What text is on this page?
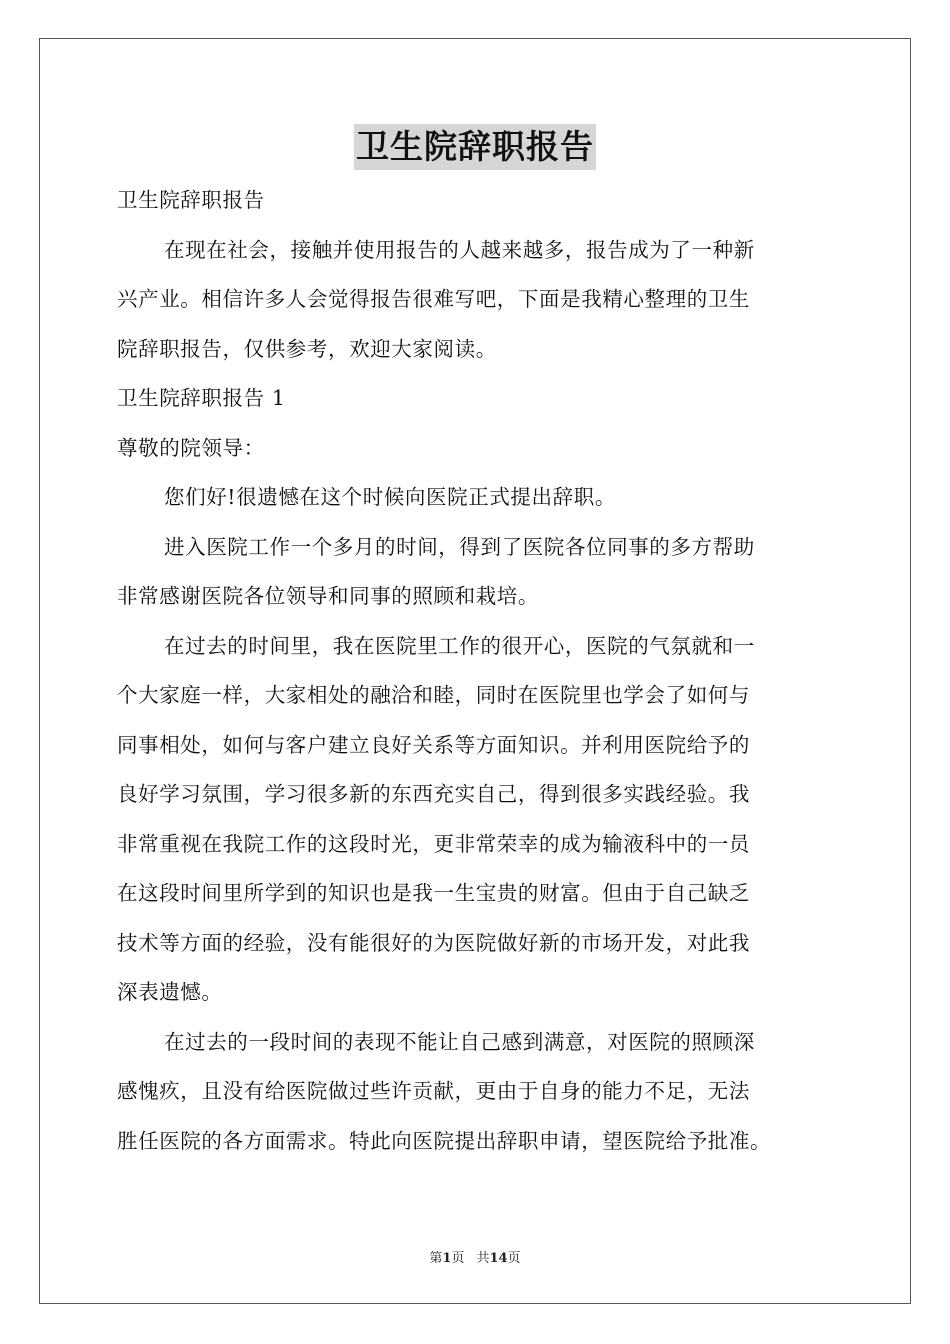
卫生院辞职报告
卫生院辞职报告
在现在社会，接触并使用报告的人越来越多，报告成为了一种新
兴产业。相信许多人会觉得报告很难写吧，下面是我精心整理的卫生
院辞职报告，仅供参考，欢迎大家阅读。
卫生院辞职报告 1
尊敬的院领导：
您们好!很遗憾在这个时候向医院正式提出辞职。
进入医院工作一个多月的时间，得到了医院各位同事的多方帮助
非常感谢医院各位领导和同事的照顾和栽培。
在过去的时间里，我在医院里工作的很开心，医院的气氛就和一
个大家庭一样，大家相处的融洽和睦，同时在医院里也学会了如何与
同事相处，如何与客户建立良好关系等方面知识。并利用医院给予的
良好学习氛围，学习很多新的东西充实自己，得到很多实践经验。我
非常重视在我院工作的这段时光，更非常荣幸的成为输液科中的一员
在这段时间里所学到的知识也是我一生宝贵的财富。但由于自己缺乏
技术等方面的经验，没有能很好的为医院做好新的市场开发，对此我
深表遗憾。
在过去的一段时间的表现不能让自己感到满意，对医院的照顾深
感愧疚，且没有给医院做过些许贡献，更由于自身的能力不足，无法
胜任医院的各方面需求。特此向医院提出辞职申请，望医院给予批准。
第1页 共14页
